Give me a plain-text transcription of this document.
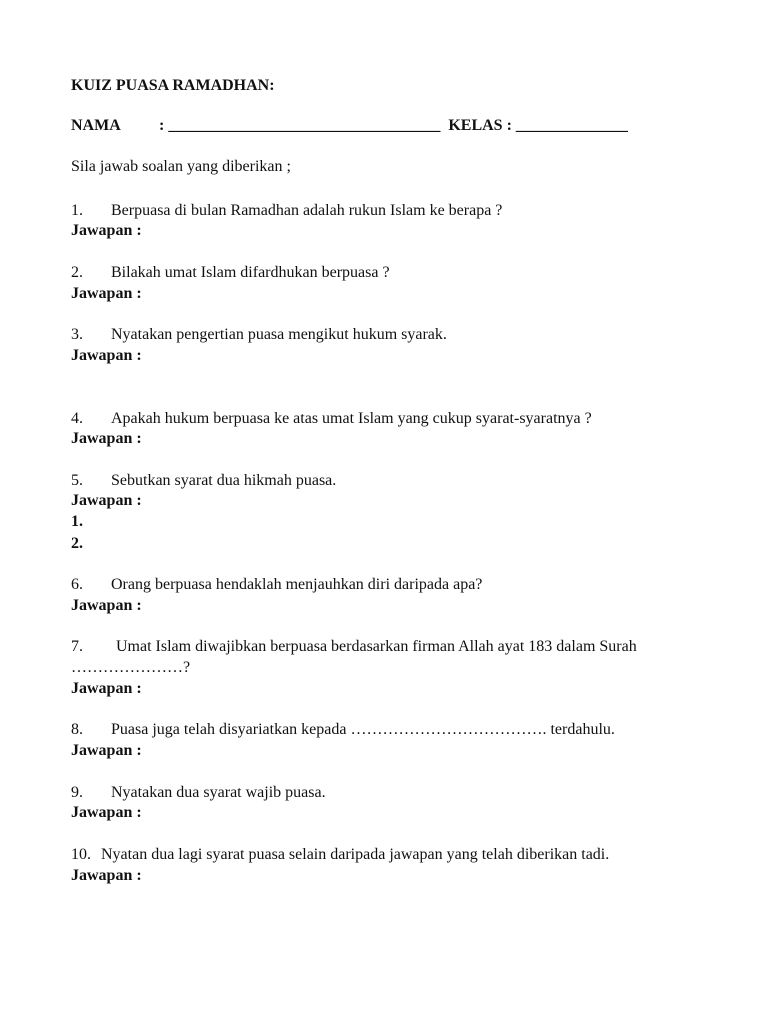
KUIZ PUASA RAMADHAN:
NAMA : __________________________________ KELAS : ______________
Sila jawab soalan yang diberikan ;
1. Berpuasa di bulan Ramadhan adalah rukun Islam ke berapa ?
Jawapan :
2. Bilakah umat Islam difardhukan berpuasa ?
Jawapan :
3. Nyatakan pengertian puasa mengikut hukum syarak.
Jawapan :
4. Apakah hukum berpuasa ke atas umat Islam yang cukup syarat-syaratnya ?
Jawapan :
5. Sebutkan syarat dua hikmah puasa.
Jawapan :
1.
2.
6. Orang berpuasa hendaklah menjauhkan diri daripada apa?
Jawapan :
7. Umat Islam diwajibkan berpuasa berdasarkan firman Allah ayat 183 dalam Surah
…………………?
Jawapan :
8. Puasa juga telah disyariatkan kepada ………………………………. terdahulu.
Jawapan :
9. Nyatakan dua syarat wajib puasa.
Jawapan :
10. Nyatan dua lagi syarat puasa selain daripada jawapan yang telah diberikan tadi.
Jawapan :
